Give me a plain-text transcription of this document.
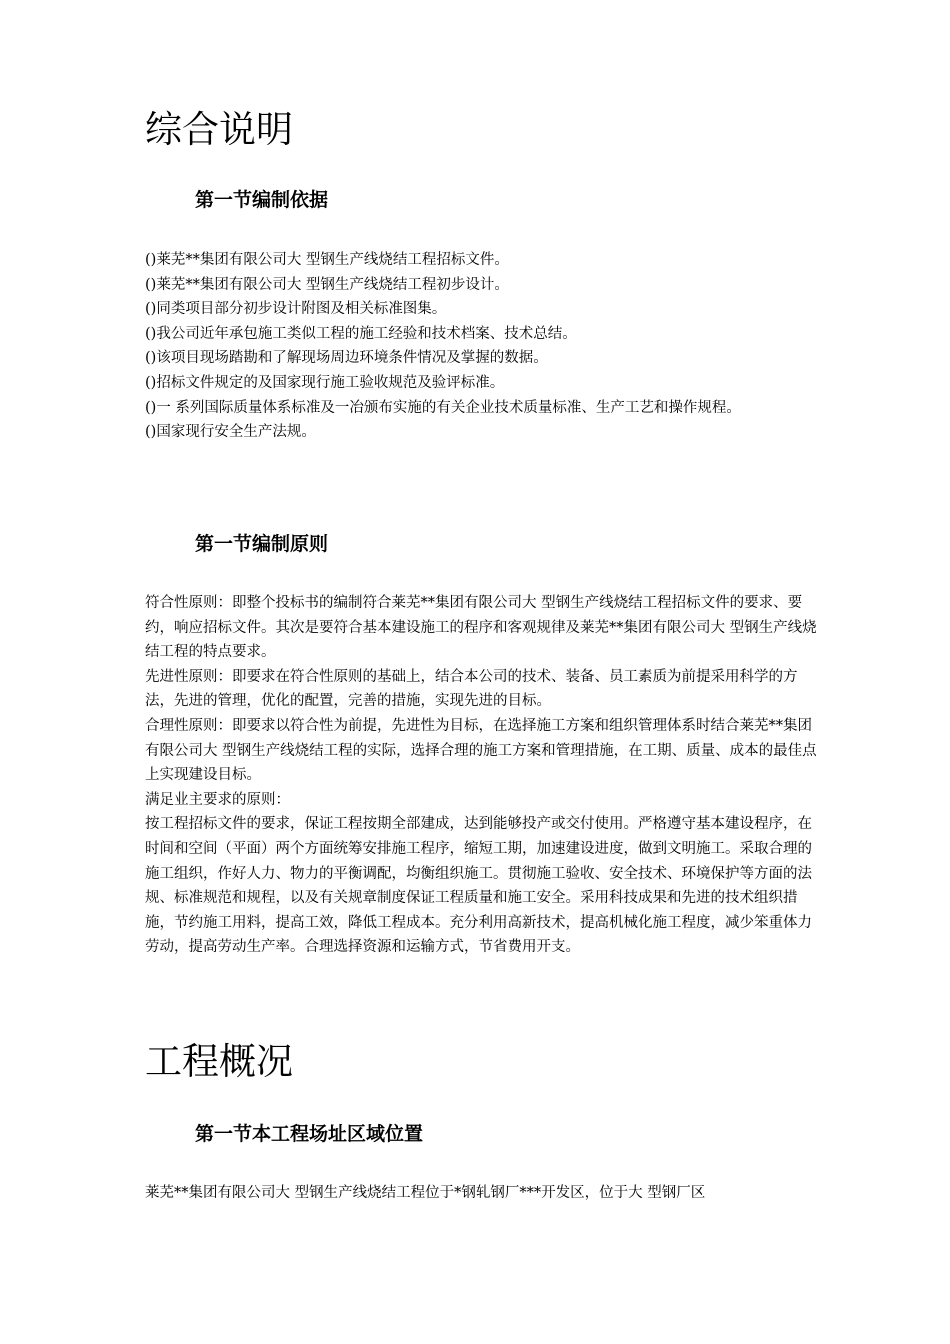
综合说明
第一节编制依据

()莱芜**集团有限公司大 型钢生产线烧结工程招标文件。

()莱芜**集团有限公司大 型钢生产线烧结工程初步设计。

()同类项目部分初步设计附图及相关标准图集。

()我公司近年承包施工类似工程的施工经验和技术档案、技术总结。

()该项目现场踏勘和了解现场周边环境条件情况及掌握的数据。

()招标文件规定的及国家现行施工验收规范及验评标准。

()一 系列国际质量体系标准及一冶颁布实施的有关企业技术质量标准、生产工艺和操作规程。

()国家现行安全生产法规。

第一节编制原则

符合性原则：即整个投标书的编制符合莱芜**集团有限公司大 型钢生产线烧结工程招标文件的要求、要约，响应招标文件。其次是要符合基本建设施工的程序和客观规律及莱芜**集团有限公司大 型钢生产线烧结工程的特点要求。

先进性原则：即要求在符合性原则的基础上，结合本公司的技术、装备、员工素质为前提采用科学的方法，先进的管理，优化的配置，完善的措施，实现先进的目标。

合理性原则：即要求以符合性为前提，先进性为目标，在选择施工方案和组织管理体系时结合莱芜**集团有限公司大 型钢生产线烧结工程的实际，选择合理的施工方案和管理措施，在工期、质量、成本的最佳点上实现建设目标。

满足业主要求的原则：

按工程招标文件的要求，保证工程按期全部建成，达到能够投产或交付使用。严格遵守基本建设程序，在时间和空间（平面）两个方面统筹安排施工程序，缩短工期，加速建设进度，做到文明施工。采取合理的施工组织，作好人力、物力的平衡调配，均衡组织施工。贯彻施工验收、安全技术、环境保护等方面的法规、标准规范和规程，以及有关规章制度保证工程质量和施工安全。采用科技成果和先进的技术组织措施，节约施工用料，提高工效，降低工程成本。充分利用高新技术，提高机械化施工程度，减少笨重体力劳动，提高劳动生产率。合理选择资源和运输方式，节省费用开支。

工程概况
第一节本工程场址区域位置

莱芜**集团有限公司大 型钢生产线烧结工程位于*钢轧钢厂***开发区，位于大 型钢厂区
